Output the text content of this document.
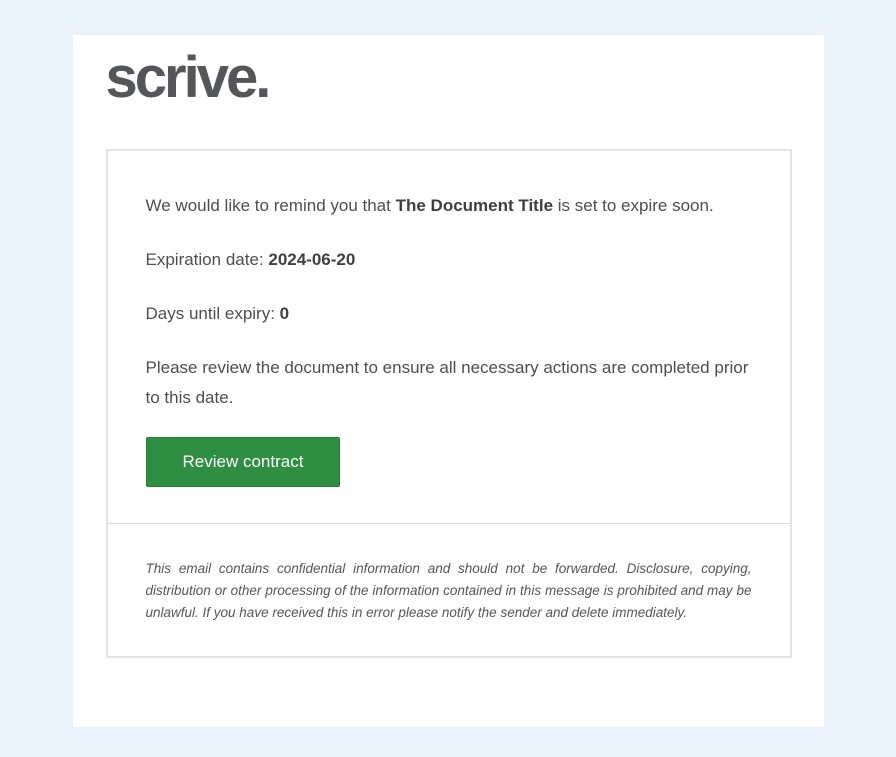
scrive.

We would like to remind you that The Document Title is set to expire soon.

Expiration date: 2024-06-20

Days until expiry: 0

Please review the document to ensure all necessary actions are completed prior to this date.

Review contract

This email contains confidential information and should not be forwarded. Disclosure, copying, distribution or other processing of the information contained in this message is prohibited and may be unlawful. If you have received this in error please notify the sender and delete immediately.
